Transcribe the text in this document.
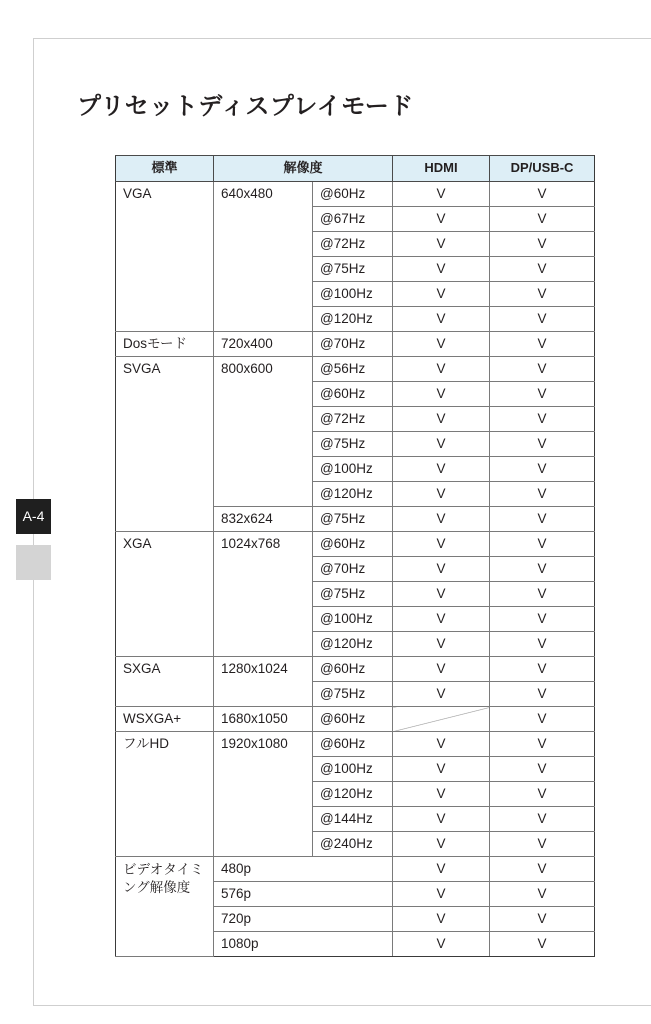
プリセットディスプレイモード
A-4
標準	解像度		HDMI	DP/USB-C
VGA	640x480	@60Hz	V	V
		@67Hz	V	V
		@72Hz	V	V
		@75Hz	V	V
		@100Hz	V	V
		@120Hz	V	V
Dosモード	720x400	@70Hz	V	V
SVGA	800x600	@56Hz	V	V
		@60Hz	V	V
		@72Hz	V	V
		@75Hz	V	V
		@100Hz	V	V
		@120Hz	V	V
	832x624	@75Hz	V	V
XGA	1024x768	@60Hz	V	V
		@70Hz	V	V
		@75Hz	V	V
		@100Hz	V	V
		@120Hz	V	V
SXGA	1280x1024	@60Hz	V	V
		@75Hz	V	V
WSXGA+	1680x1050	@60Hz		V
フルHD	1920x1080	@60Hz	V	V
		@100Hz	V	V
		@120Hz	V	V
		@144Hz	V	V
		@240Hz	V	V
ビデオタイミング解像度	480p		V	V
	576p		V	V
	720p		V	V
	1080p		V	V
